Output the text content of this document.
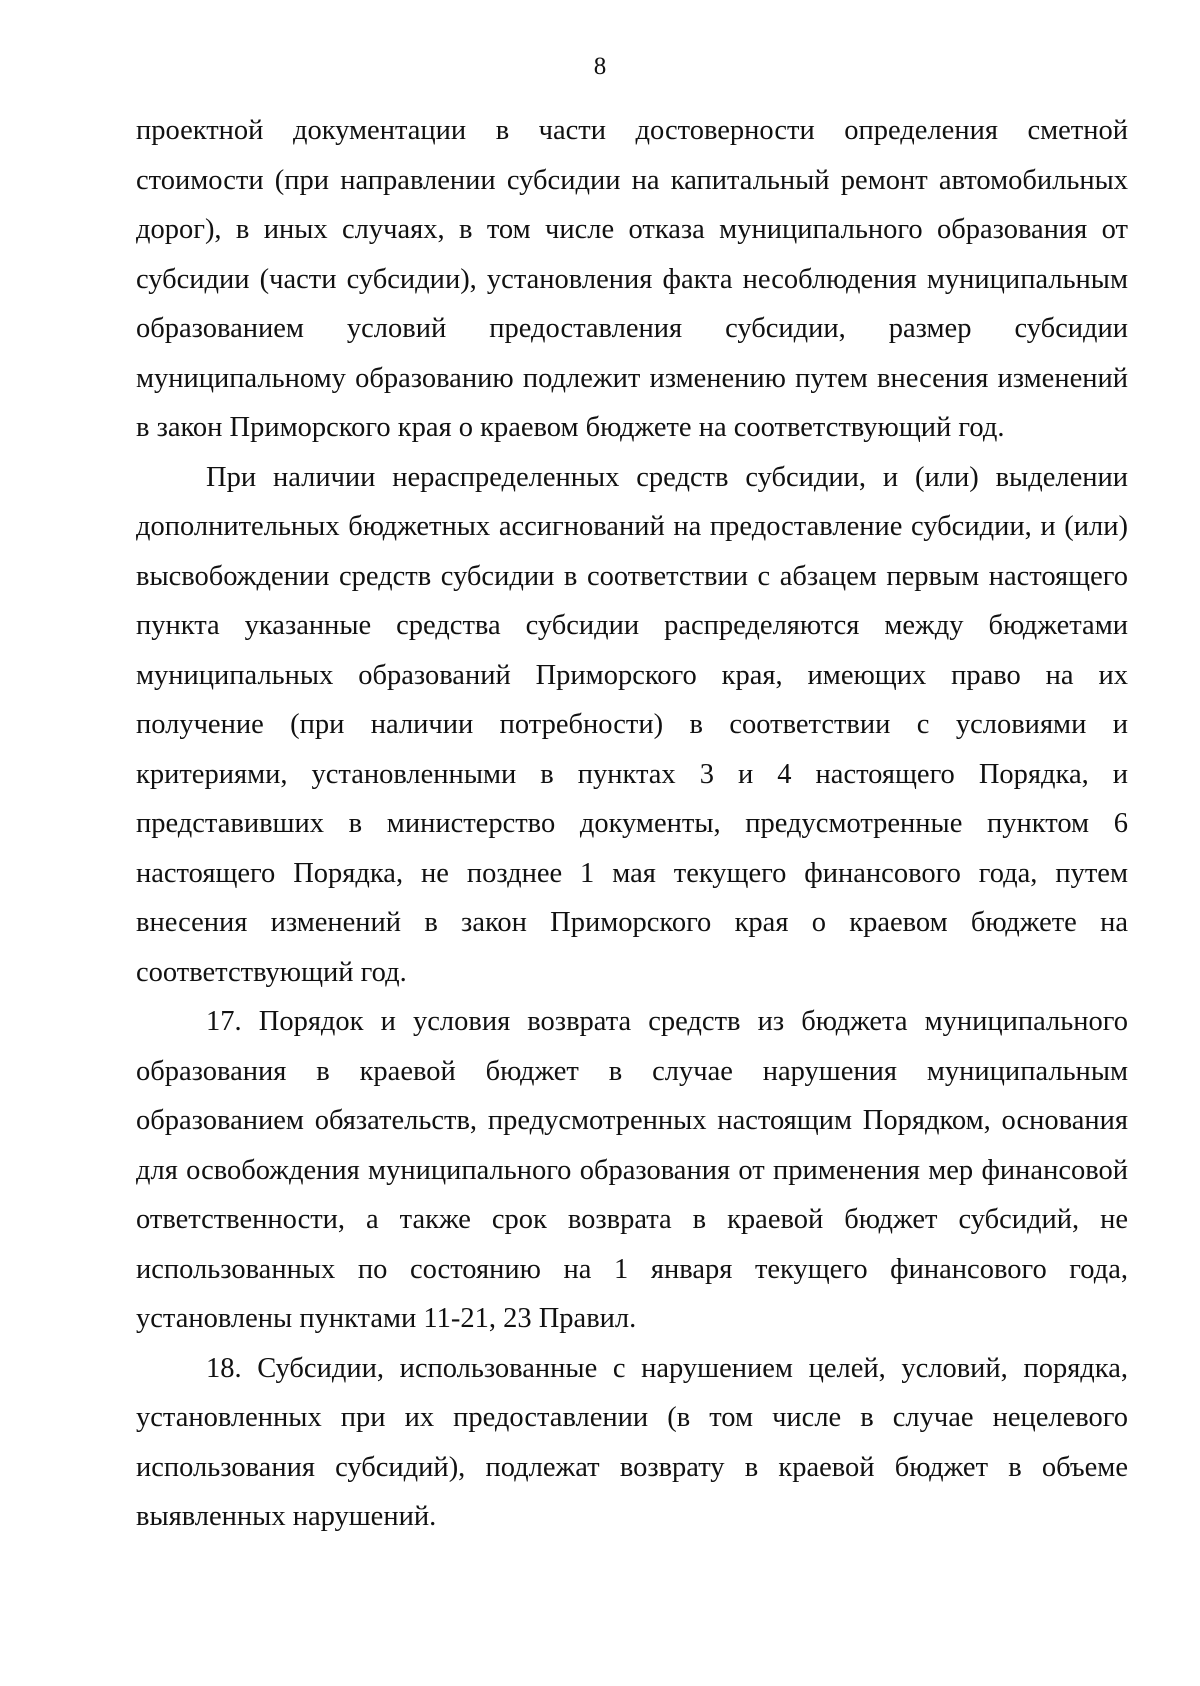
8

проектной документации в части достоверности определения сметной стоимости (при направлении субсидии на капитальный ремонт автомобильных дорог), в иных случаях, в том числе отказа муниципального образования от субсидии (части субсидии), установления факта несоблюдения муниципальным образованием условий предоставления субсидии, размер субсидии муниципальному образованию подлежит изменению путем внесения изменений в закон Приморского края о краевом бюджете на соответствующий год.

При наличии нераспределенных средств субсидии, и (или) выделении дополнительных бюджетных ассигнований на предоставление субсидии, и (или) высвобождении средств субсидии в соответствии с абзацем первым настоящего пункта указанные средства субсидии распределяются между бюджетами муниципальных образований Приморского края, имеющих право на их получение (при наличии потребности) в соответствии с условиями и критериями, установленными в пунктах 3 и 4 настоящего Порядка, и представивших в министерство документы, предусмотренные пунктом 6 настоящего Порядка, не позднее 1 мая текущего финансового года, путем внесения изменений в закон Приморского края о краевом бюджете на соответствующий год.

17. Порядок и условия возврата средств из бюджета муниципального образования в краевой бюджет в случае нарушения муниципальным образованием обязательств, предусмотренных настоящим Порядком, основания для освобождения муниципального образования от применения мер финансовой ответственности, а также срок возврата в краевой бюджет субсидий, не использованных по состоянию на 1 января текущего финансового года, установлены пунктами 11-21, 23 Правил.

18. Субсидии, использованные с нарушением целей, условий, порядка, установленных при их предоставлении (в том числе в случае нецелевого использования субсидий), подлежат возврату в краевой бюджет в объеме выявленных нарушений.
